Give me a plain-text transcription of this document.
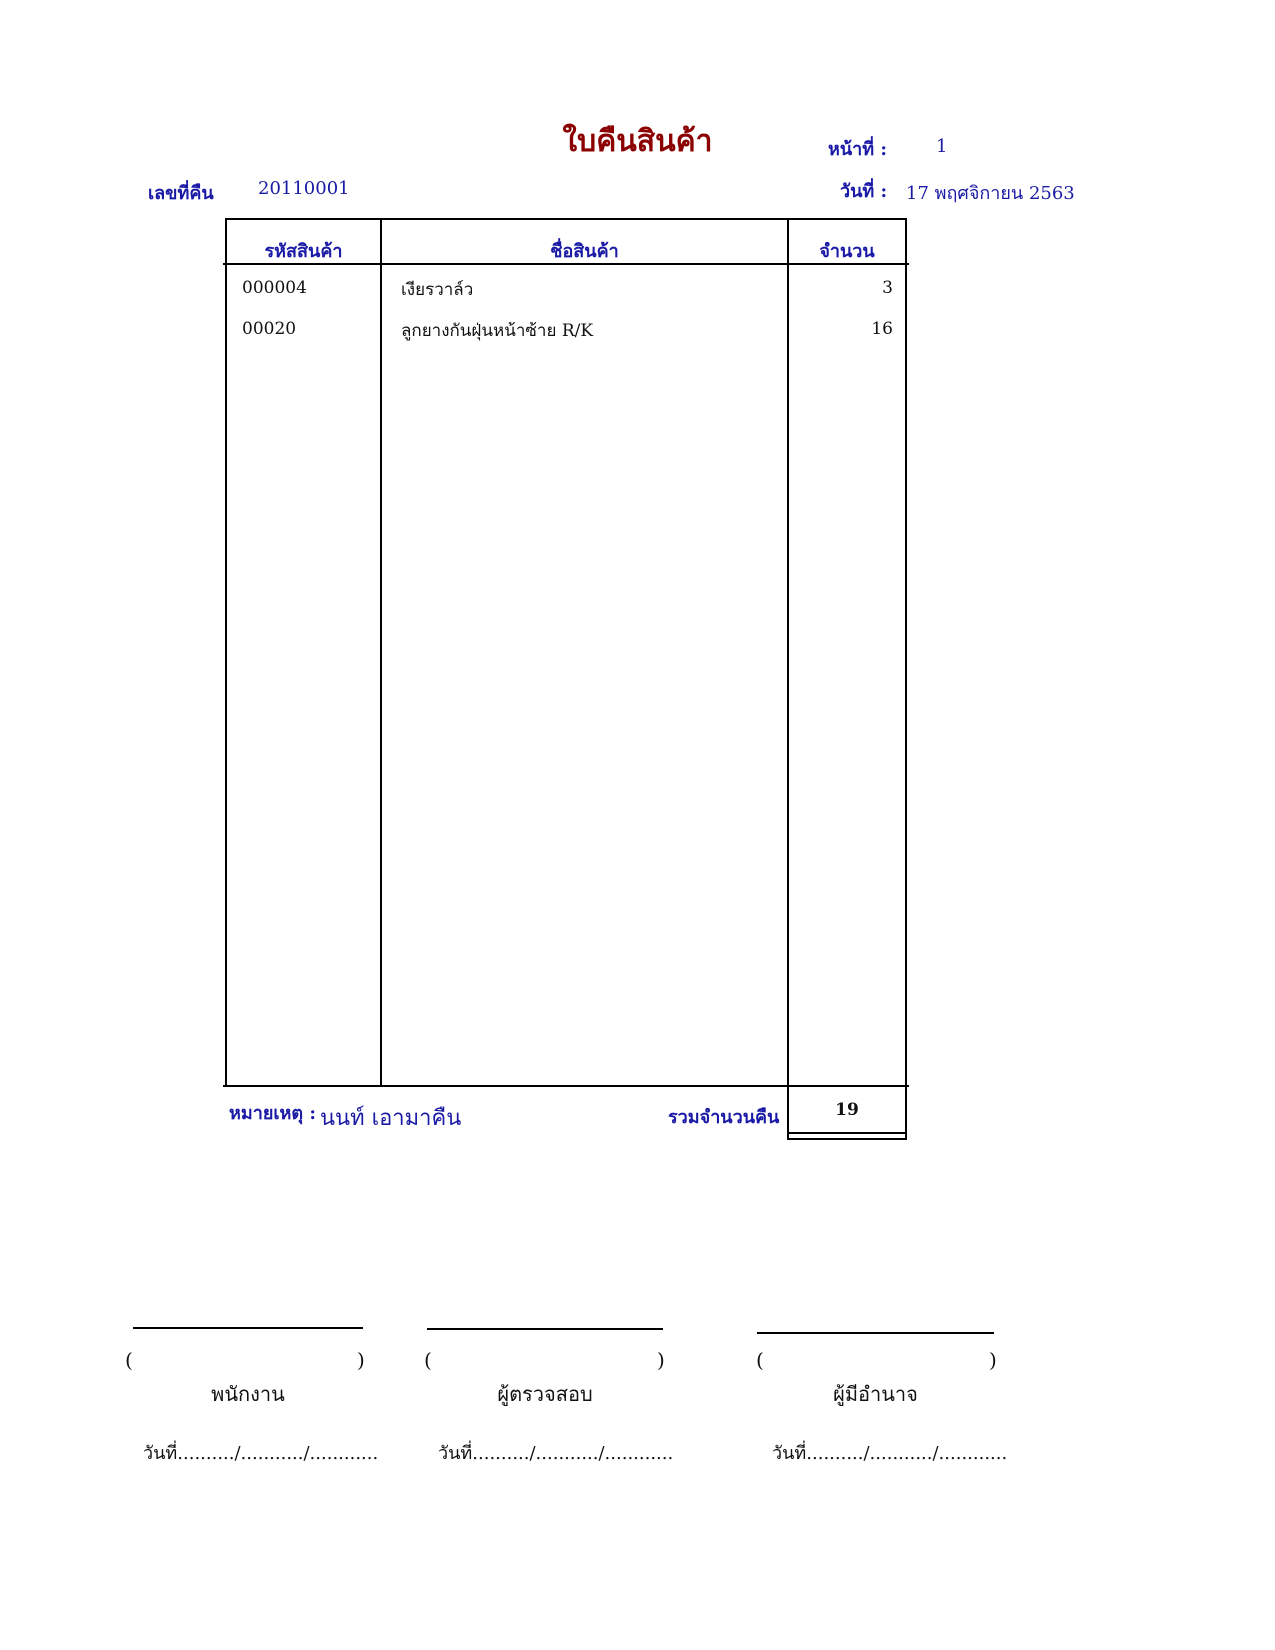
ใบคืนสินค้า	หน้าที่ :	1
เลขที่คืน 20110001	วันที่ : 17 พฤศจิกายน 2563
รหัสสินค้า	ชื่อสินค้า	จำนวน
000004	เงียรวาล์ว	3
00020	ลูกยางกันฝุ่นหน้าซ้าย R/K	16
หมายเหตุ : นนท์ เอามาคืน	รวมจำนวนคืน	19
(	)
พนักงาน
วันที่........../.........../............
(	)
ผู้ตรวจสอบ
วันที่........../.........../............
(	)
ผู้มีอำนาจ
วันที่........../.........../............
